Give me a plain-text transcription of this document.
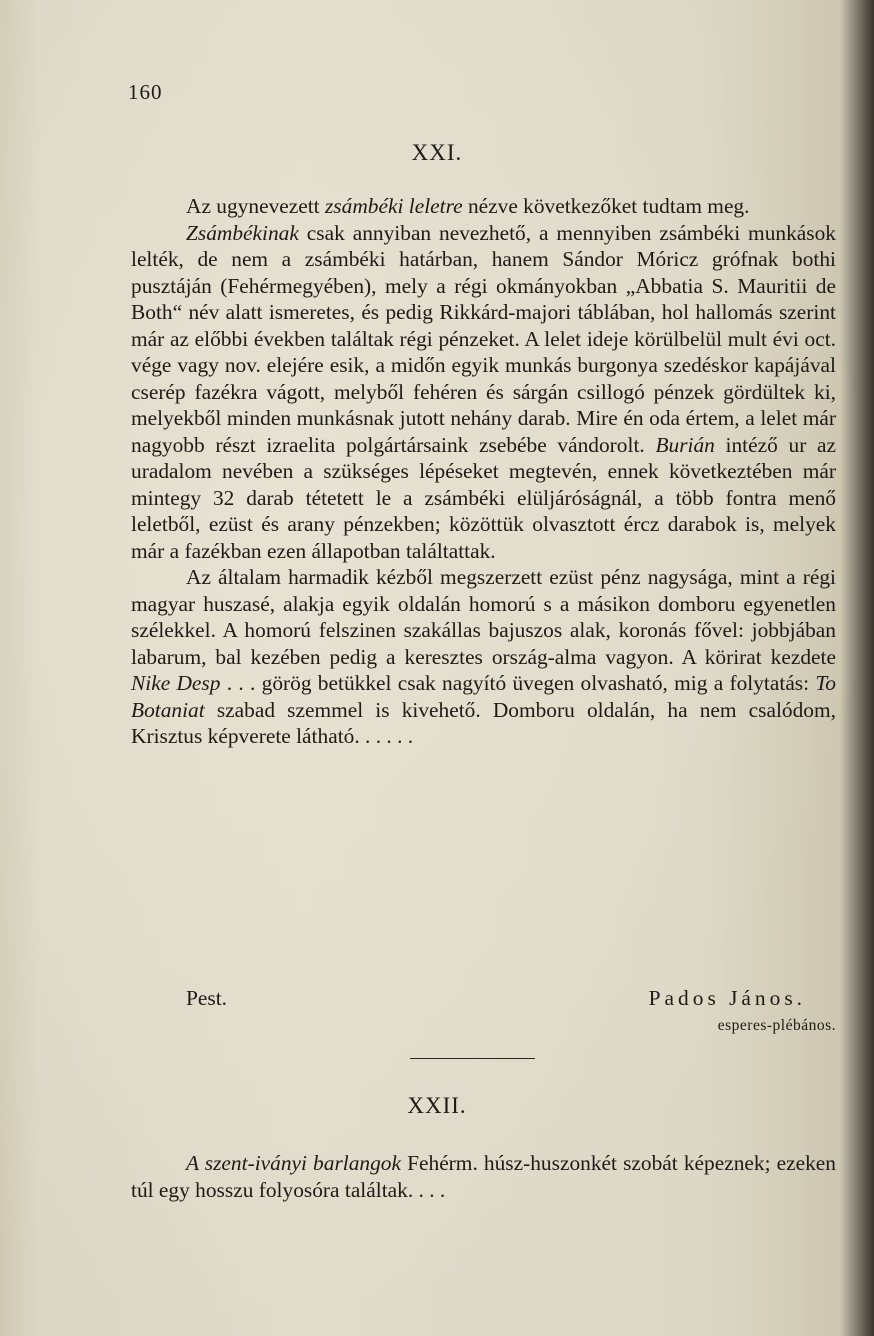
160
XXI.

Az ugynevezett zsámbéki leletre nézve következőket tudtam meg.

Zsámbékinak csak annyiban nevezhető, a mennyiben zsámbéki munkások lelték, de nem a zsámbéki határban, hanem Sándor Móricz grófnak bothi pusztáján (Fehérmegyében), mely a régi okmányokban „Abbatia S. Mauritii de Both“ név alatt ismeretes, és pedig Rikkárd-majori táblában, hol hallomás szerint már az előbbi években találtak régi pénzeket. A lelet ideje körülbelül mult évi oct. vége vagy nov. elejére esik, a midőn egyik munkás burgonya szedéskor kapájával cserép fazékra vágott, melyből fehéren és sárgán csillogó pénzek gördültek ki, melyekből minden munkásnak jutott nehány darab. Mire én oda értem, a lelet már nagyobb részt izraelita polgártársaink zsebébe vándorolt. Burián intéző ur az uradalom nevében a szükséges lépéseket megtevén, ennek következtében már mintegy 32 darab tétetett le a zsámbéki elüljáróságnál, a több fontra menő leletből, ezüst és arany pénzekben; közöttük olvasztott ércz darabok is, melyek már a fazékban ezen állapotban találtattak.

Az általam harmadik kézből megszerzett ezüst pénz nagysága, mint a régi magyar huszasé, alakja egyik oldalán homorú s a másikon domboru egyenetlen szélekkel. A homorú felszinen szakállas bajuszos alak, koronás fővel: jobbjában labarum, bal kezében pedig a keresztes ország-alma vagyon. A körirat kezdete Nike Desp . . . görög betükkel csak nagyító üvegen olvasható, mig a folytatás: To Botaniat szabad szemmel is kivehető. Domboru oldalán, ha nem csalódom, Krisztus képverete látható. . . . . .

Pest.	Pados János.
esperes-plébános.
XXII.

A szent-iványi barlangok Fehérm. húsz-huszonkét szobát képeznek; ezeken túl egy hosszu folyosóra találtak. . . .
